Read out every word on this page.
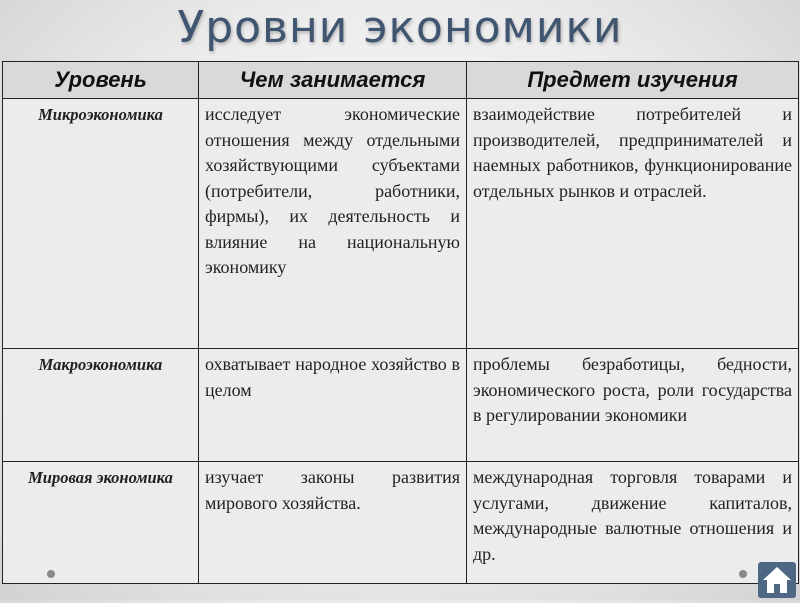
Уровни экономики
Уровень	Чем занимается	Предмет изучения
Микроэкономика	исследует экономические отношения между отдельными хозяйствующими субъектами (потребители, работники, фирмы), их деятельность и влияние на национальную экономику	взаимодействие потребителей и производителей, предпринимателей и наемных работников, функционирование отдельных рынков и отраслей.
Макроэкономика	охватывает народное хозяйство в целом	проблемы безработицы, бедности, экономического роста, роли государства в регулировании экономики
Мировая экономика	изучает законы развития мирового хозяйства.	международная торговля товарами и услугами, движение капиталов, международные валютные отношения и др.
